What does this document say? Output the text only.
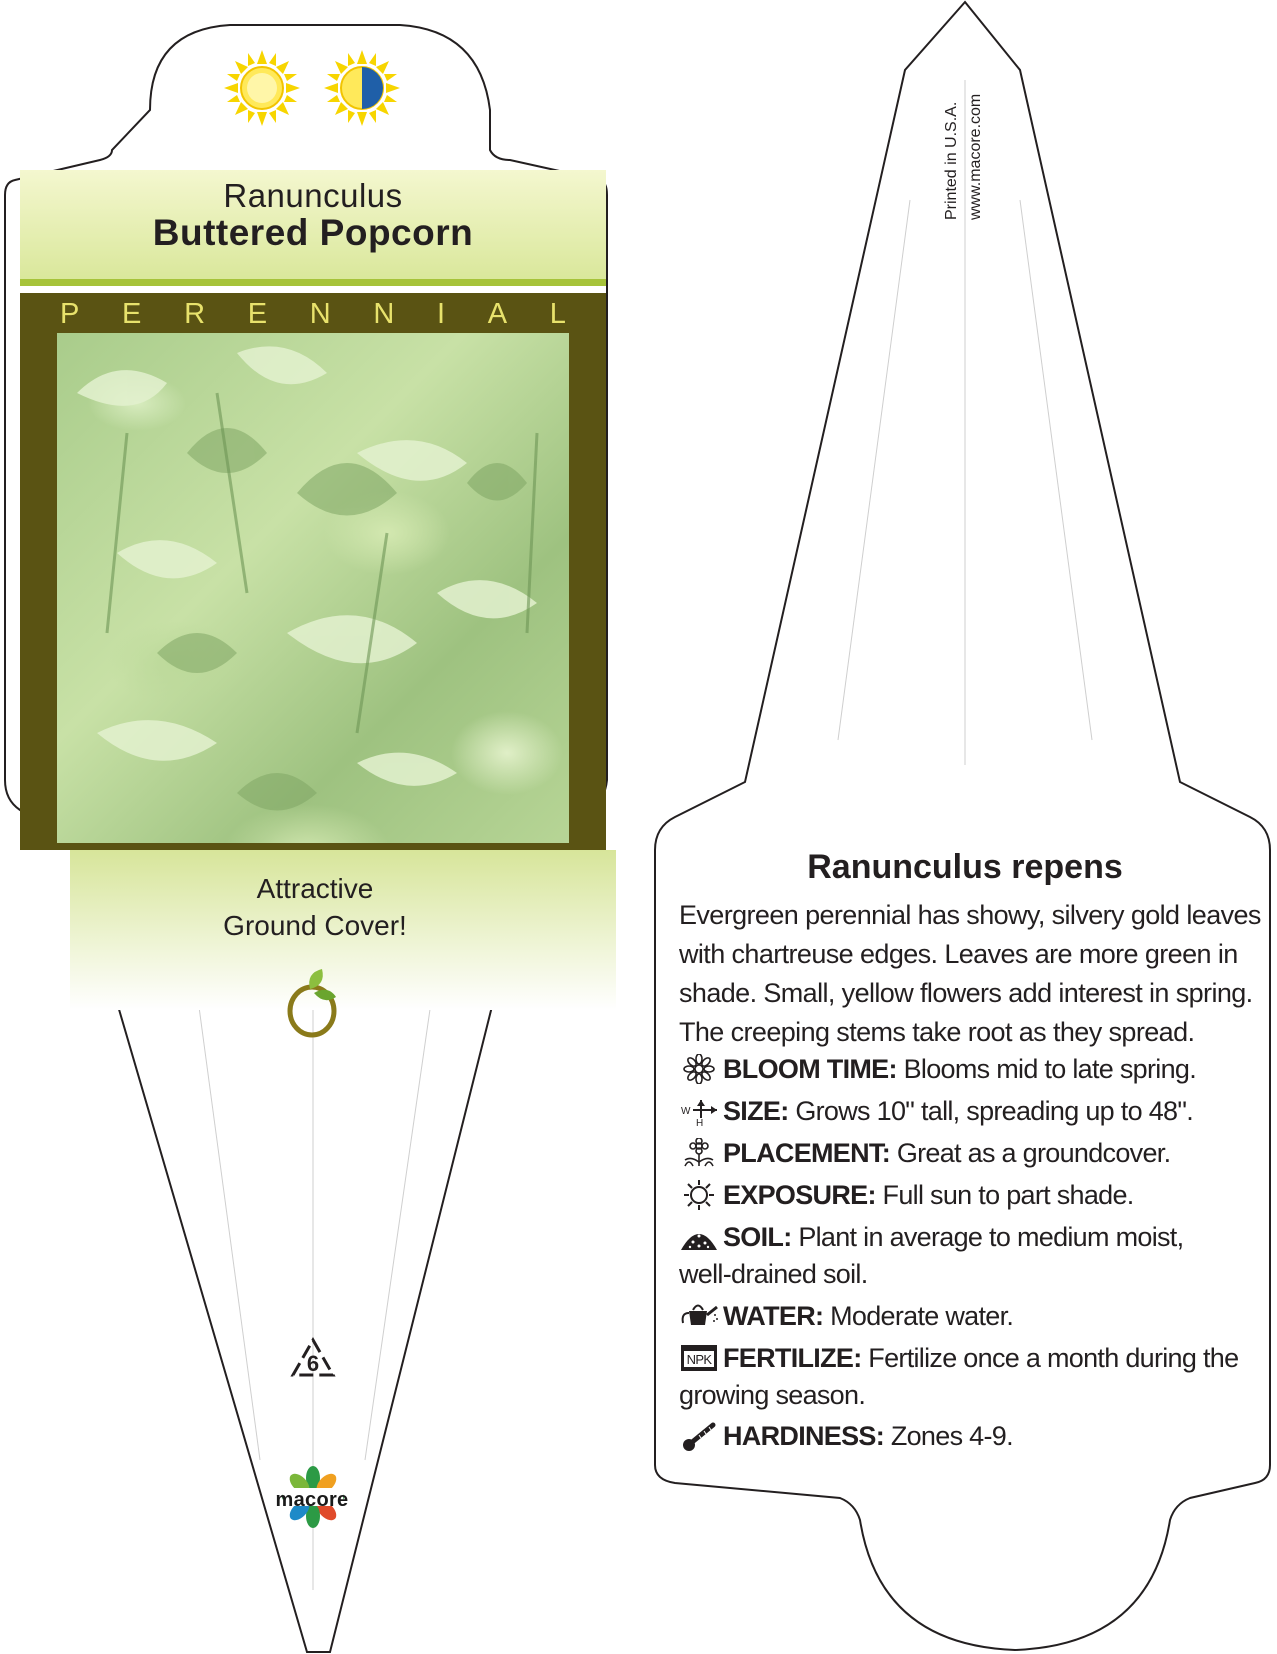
Ranunculus
Buttered Popcorn
P E R E N N I A L
Attractive
Ground Cover!
6
macore
Printed in U.S.A. www.macore.com
Ranunculus repens
Evergreen perennial has showy, silvery gold leaves with chartreuse edges. Leaves are more green in shade. Small, yellow flowers add interest in spring. The creeping stems take root as they spread.
BLOOM TIME: Blooms mid to late spring.
W
H SIZE: Grows 10" tall, spreading up to 48".
PLACEMENT: Great as a groundcover.
EXPOSURE: Full sun to part shade.
SOIL: Plant in average to medium moist,
well-drained soil.
WATER: Moderate water.
NPK FERTILIZE: Fertilize once a month during the
growing season.
HARDINESS: Zones 4-9.
